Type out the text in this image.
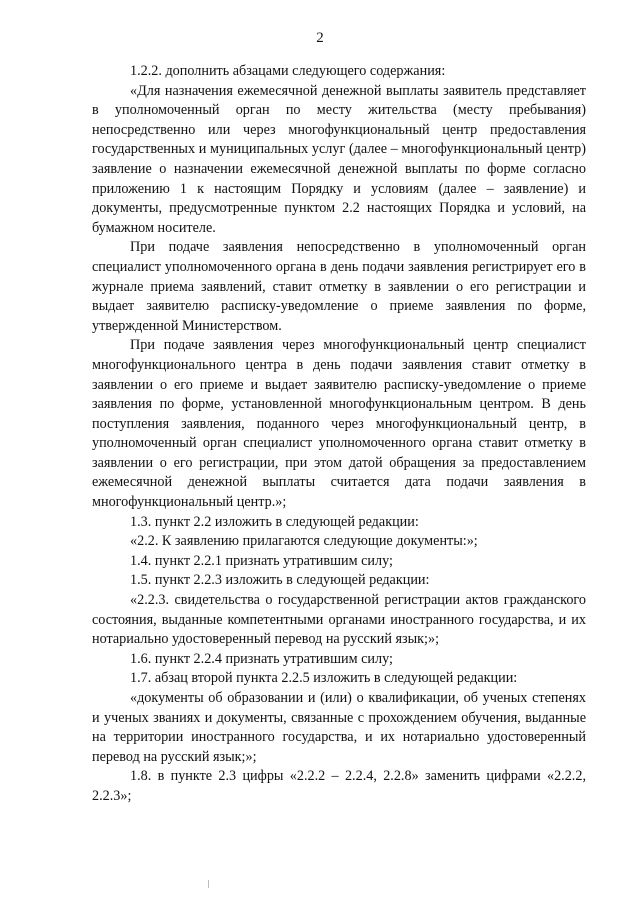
2

1.2.2. дополнить абзацами следующего содержания:

«Для назначения ежемесячной денежной выплаты заявитель представляет в уполномоченный орган по месту жительства (месту пребывания) непосредственно или через многофункциональный центр предоставления государственных и муниципальных услуг (далее – многофункциональный центр) заявление о назначении ежемесячной денежной выплаты по форме согласно приложению 1 к настоящим Порядку и условиям (далее – заявление) и документы, предусмотренные пунктом 2.2 настоящих Порядка и условий, на бумажном носителе.

При подаче заявления непосредственно в уполномоченный орган специалист уполномоченного органа в день подачи заявления регистрирует его в журнале приема заявлений, ставит отметку в заявлении о его регистрации и выдает заявителю расписку-уведомление о приеме заявления по форме, утвержденной Министерством.

При подаче заявления через многофункциональный центр специалист многофункционального центра в день подачи заявления ставит отметку в заявлении о его приеме и выдает заявителю расписку-уведомление о приеме заявления по форме, установленной многофункциональным центром. В день поступления заявления, поданного через многофункциональный центр, в уполномоченный орган специалист уполномоченного органа ставит отметку в заявлении о его регистрации, при этом датой обращения за предоставлением ежемесячной денежной выплаты считается дата подачи заявления в многофункциональный центр.»;

1.3. пункт 2.2 изложить в следующей редакции:

«2.2. К заявлению прилагаются следующие документы:»;

1.4. пункт 2.2.1 признать утратившим силу;

1.5. пункт 2.2.3 изложить в следующей редакции:

«2.2.3. свидетельства о государственной регистрации актов гражданского состояния, выданные компетентными органами иностранного государства, и их нотариально удостоверенный перевод на русский язык;»;

1.6. пункт 2.2.4 признать утратившим силу;

1.7. абзац второй пункта 2.2.5 изложить в следующей редакции:

«документы об образовании и (или) о квалификации, об ученых степенях и ученых званиях и документы, связанные с прохождением обучения, выданные на территории иностранного государства, и их нотариально удостоверенный перевод на русский язык;»;

1.8. в пункте 2.3 цифры «2.2.2 – 2.2.4, 2.2.8» заменить цифрами «2.2.2, 2.2.3»;
